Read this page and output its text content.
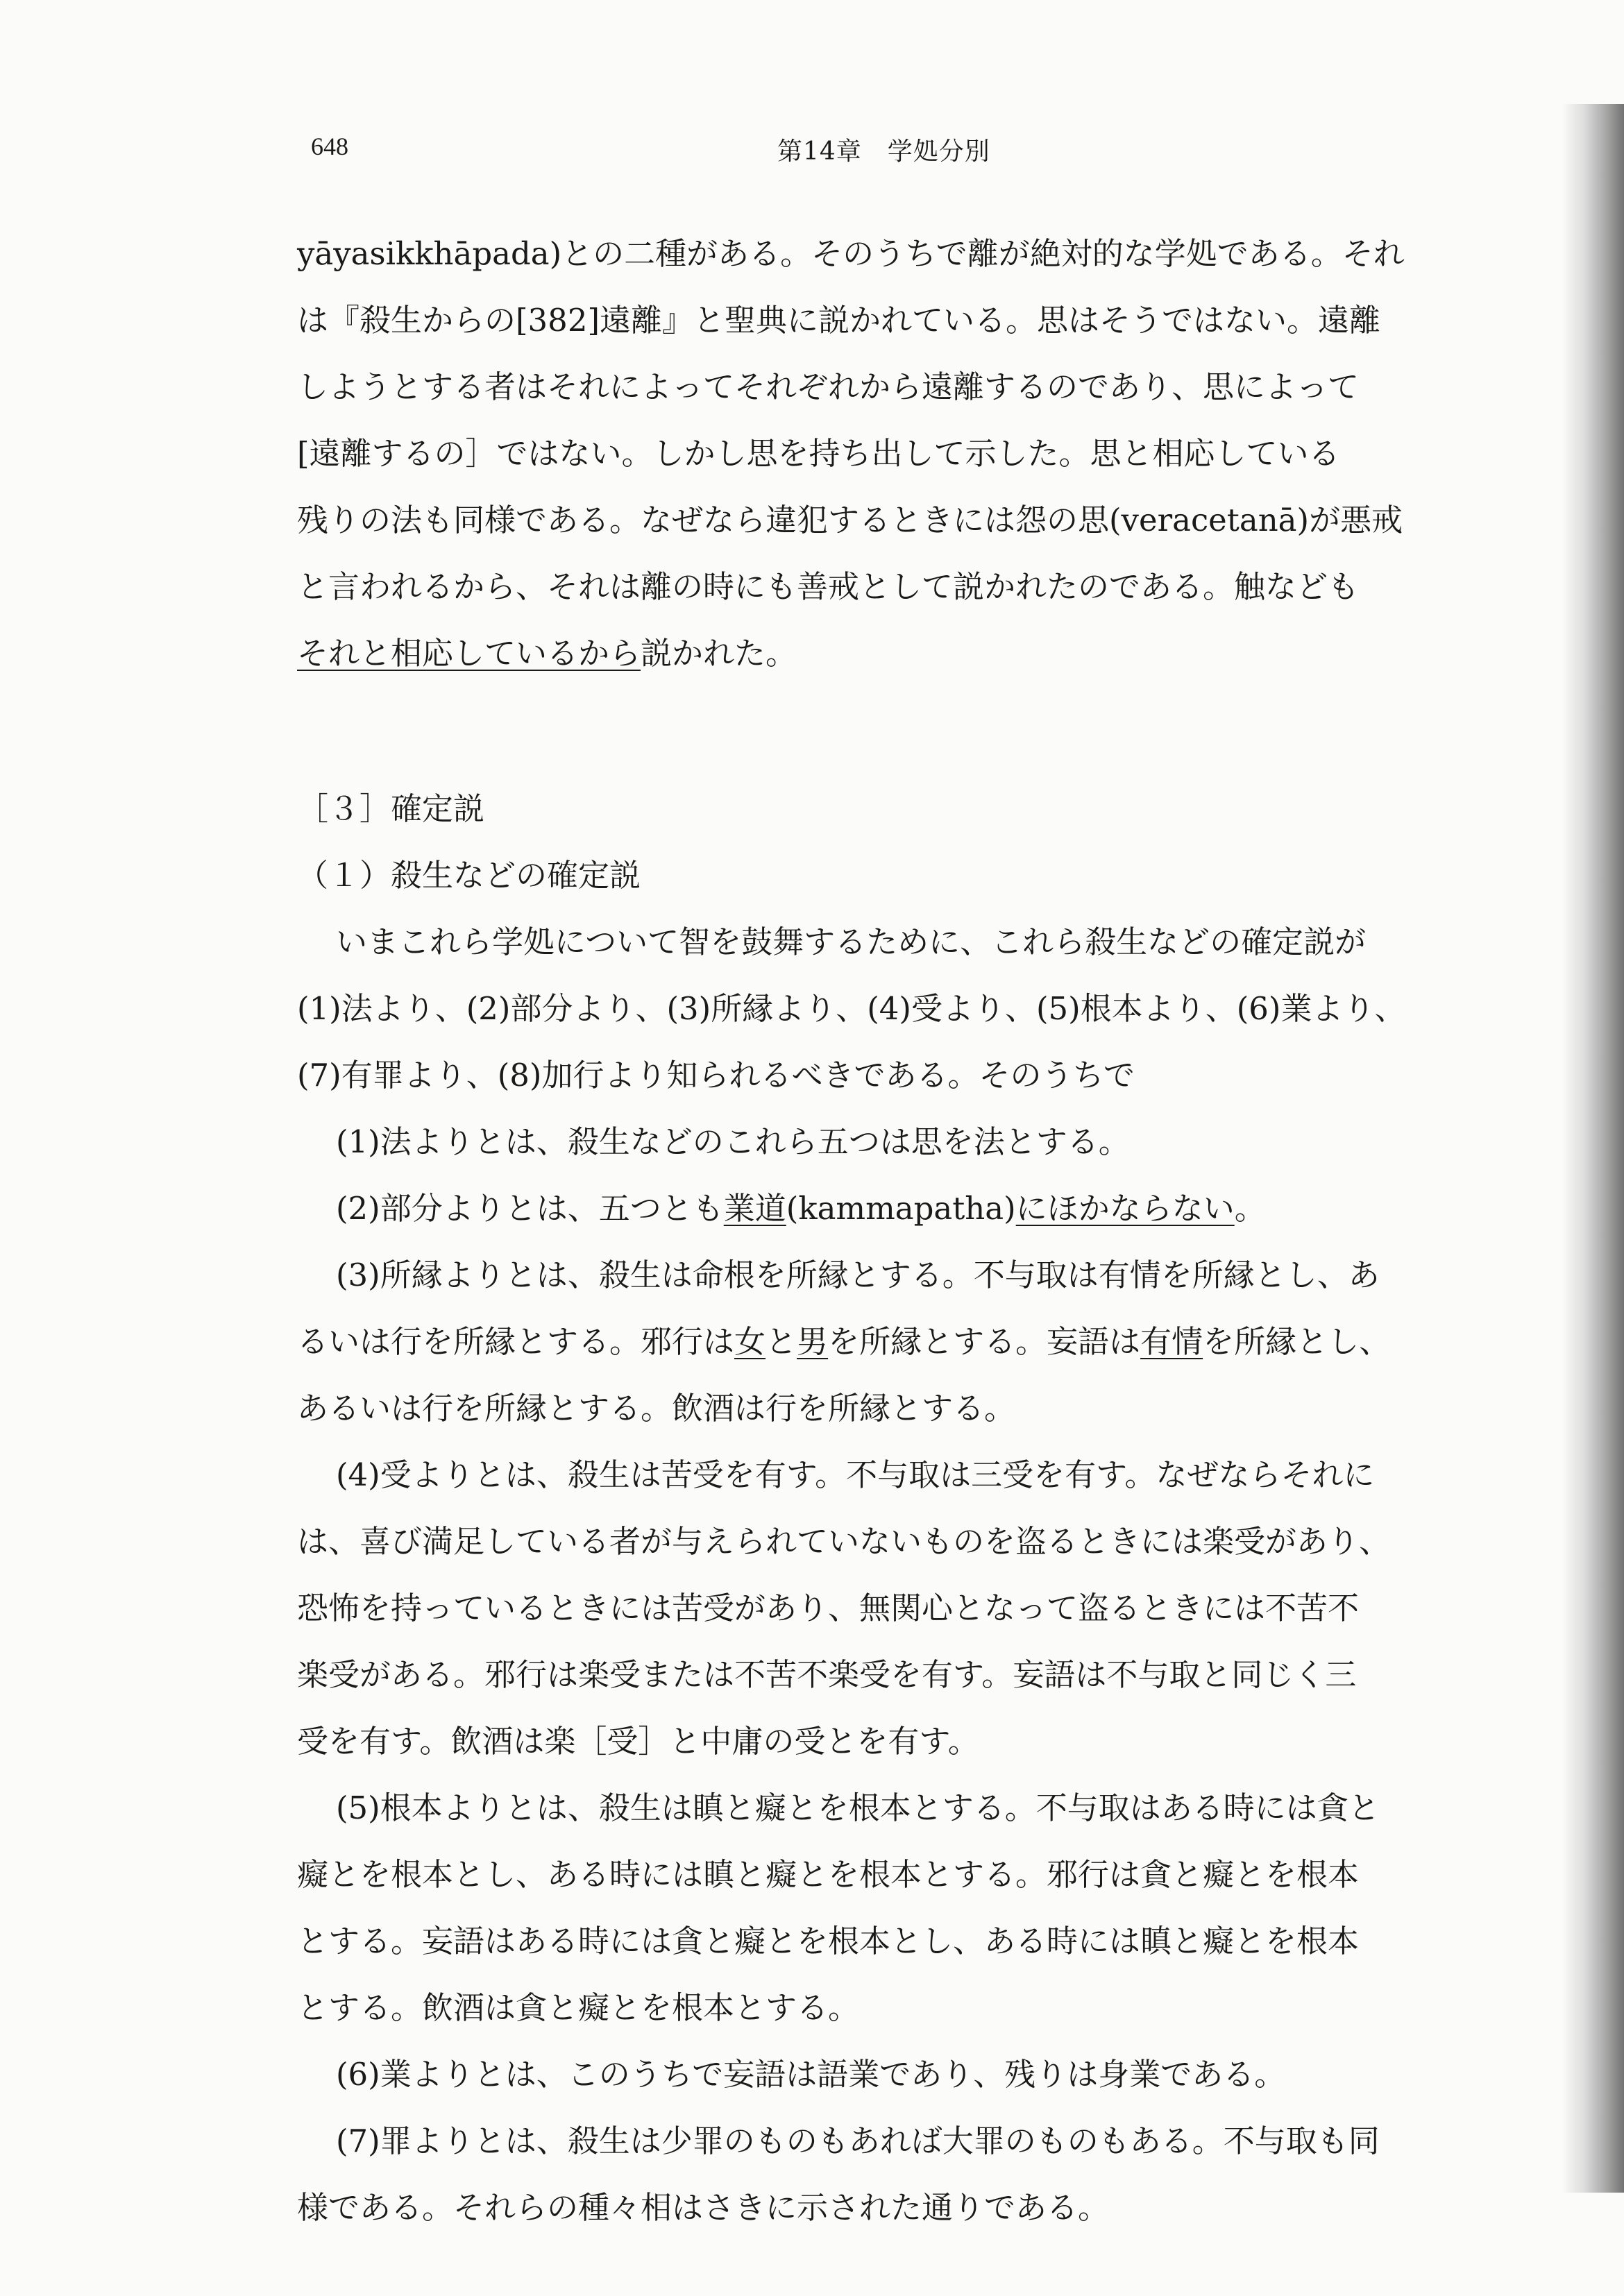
648	第14章　学処分別

yāyasikkhāpada)との二種がある。そのうちで離が絶対的な学処である。それ
は『殺生からの[382]遠離』と聖典に説かれている。思はそうではない。遠離
しようとする者はそれによってそれぞれから遠離するのであり、思によって
[遠離するの］ではない。しかし思を持ち出して示した。思と相応している
残りの法も同様である。なぜなら違犯するときには怨の思(veracetanā)が悪戒
と言われるから、それは離の時にも善戒として説かれたのである。触なども
それと相応しているから説かれた。

［３］確定説

（１）殺生などの確定説

いまこれら学処について智を鼓舞するために、これら殺生などの確定説が
(1)法より、(2)部分より、(3)所縁より、(4)受より、(5)根本より、(6)業より、
(7)有罪より、(8)加行より知られるべきである。そのうちで

(1)法よりとは、殺生などのこれら五つは思を法とする。

(2)部分よりとは、五つとも業道(kammapatha)にほかならない。

(3)所縁よりとは、殺生は命根を所縁とする。不与取は有情を所縁とし、あ
るいは行を所縁とする。邪行は女と男を所縁とする。妄語は有情を所縁とし、
あるいは行を所縁とする。飲酒は行を所縁とする。

(4)受よりとは、殺生は苦受を有す。不与取は三受を有す。なぜならそれに
は、喜び満足している者が与えられていないものを盗るときには楽受があり、
恐怖を持っているときには苦受があり、無関心となって盗るときには不苦不
楽受がある。邪行は楽受または不苦不楽受を有す。妄語は不与取と同じく三
受を有す。飲酒は楽［受］と中庸の受とを有す。

(5)根本よりとは、殺生は瞋と癡とを根本とする。不与取はある時には貪と
癡とを根本とし、ある時には瞋と癡とを根本とする。邪行は貪と癡とを根本
とする。妄語はある時には貪と癡とを根本とし、ある時には瞋と癡とを根本
とする。飲酒は貪と癡とを根本とする。

(6)業よりとは、このうちで妄語は語業であり、残りは身業である。

(7)罪よりとは、殺生は少罪のものもあれば大罪のものもある。不与取も同
様である。それらの種々相はさきに示された通りである。
